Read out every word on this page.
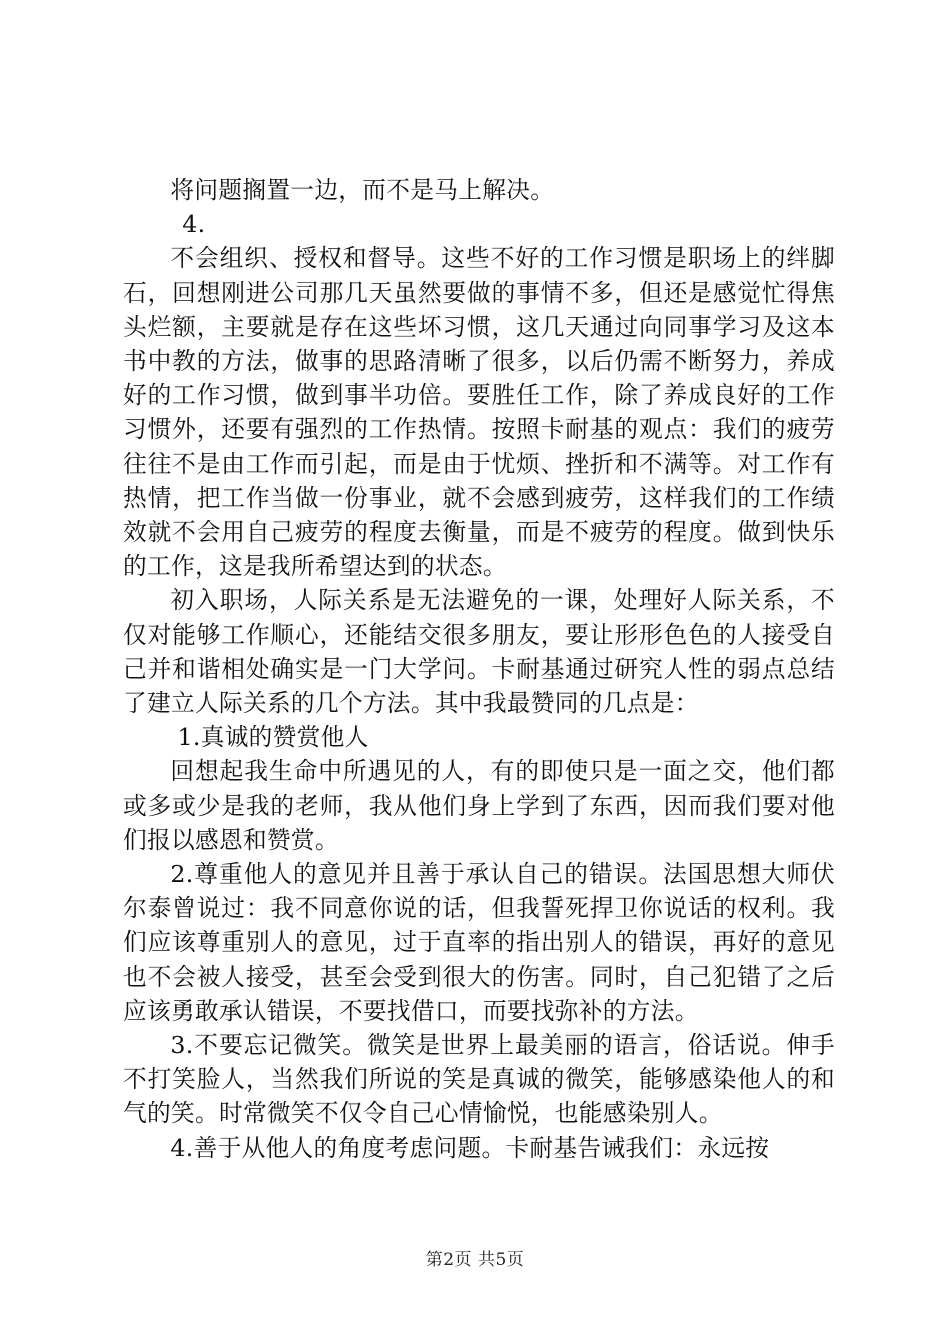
将问题搁置一边，而不是马上解决。

4.

不会组织、授权和督导。这些不好的工作习惯是职场上的绊脚石，回想刚进公司那几天虽然要做的事情不多，但还是感觉忙得焦头烂额，主要就是存在这些坏习惯，这几天通过向同事学习及这本书中教的方法，做事的思路清晰了很多，以后仍需不断努力，养成好的工作习惯，做到事半功倍。要胜任工作，除了养成良好的工作习惯外，还要有强烈的工作热情。按照卡耐基的观点：我们的疲劳往往不是由工作而引起，而是由于忧烦、挫折和不满等。对工作有热情，把工作当做一份事业，就不会感到疲劳，这样我们的工作绩效就不会用自己疲劳的程度去衡量，而是不疲劳的程度。做到快乐的工作，这是我所希望达到的状态。

初入职场，人际关系是无法避免的一课，处理好人际关系，不仅对能够工作顺心，还能结交很多朋友，要让形形色色的人接受自己并和谐相处确实是一门大学问。卡耐基通过研究人性的弱点总结了建立人际关系的几个方法。其中我最赞同的几点是：

1.真诚的赞赏他人

回想起我生命中所遇见的人，有的即使只是一面之交，他们都或多或少是我的老师，我从他们身上学到了东西，因而我们要对他们报以感恩和赞赏。

2.尊重他人的意见并且善于承认自己的错误。法国思想大师伏尔泰曾说过：我不同意你说的话，但我誓死捍卫你说话的权利。我们应该尊重别人的意见，过于直率的指出别人的错误，再好的意见也不会被人接受，甚至会受到很大的伤害。同时，自己犯错了之后应该勇敢承认错误，不要找借口，而要找弥补的方法。

3.不要忘记微笑。微笑是世界上最美丽的语言，俗话说。伸手不打笑脸人，当然我们所说的笑是真诚的微笑，能够感染他人的和气的笑。时常微笑不仅令自己心情愉悦，也能感染别人。

4.善于从他人的角度考虑问题。卡耐基告诫我们：永远按

第2页 共5页
